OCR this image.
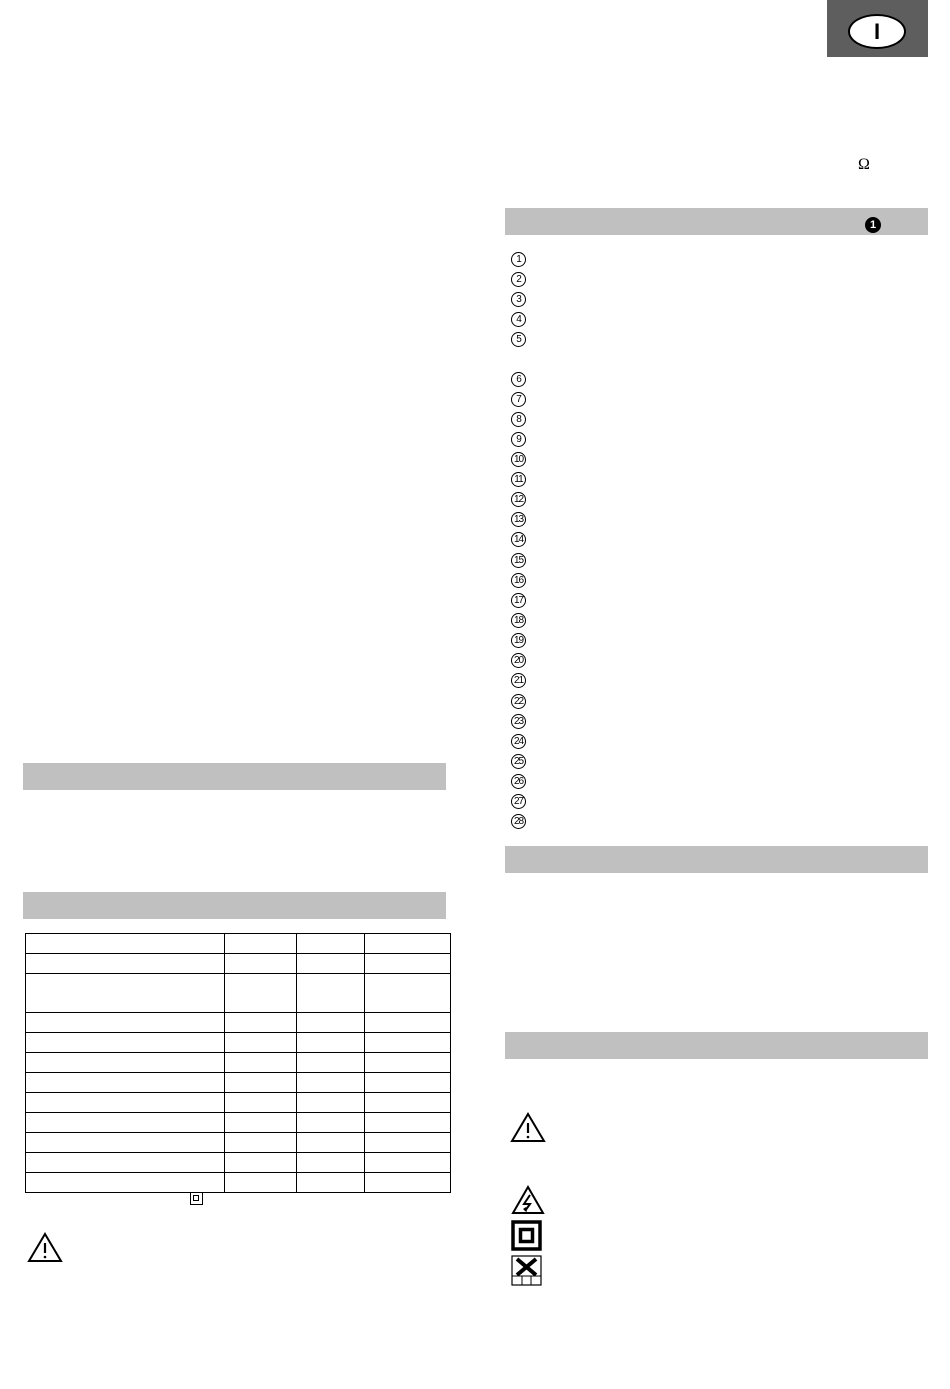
I
Ω

1
1
2
3
4
5
6
7
8
9
10
11
12
13
14
15
16
17
18
19
20
21
22
23
24
25
26
27
28
